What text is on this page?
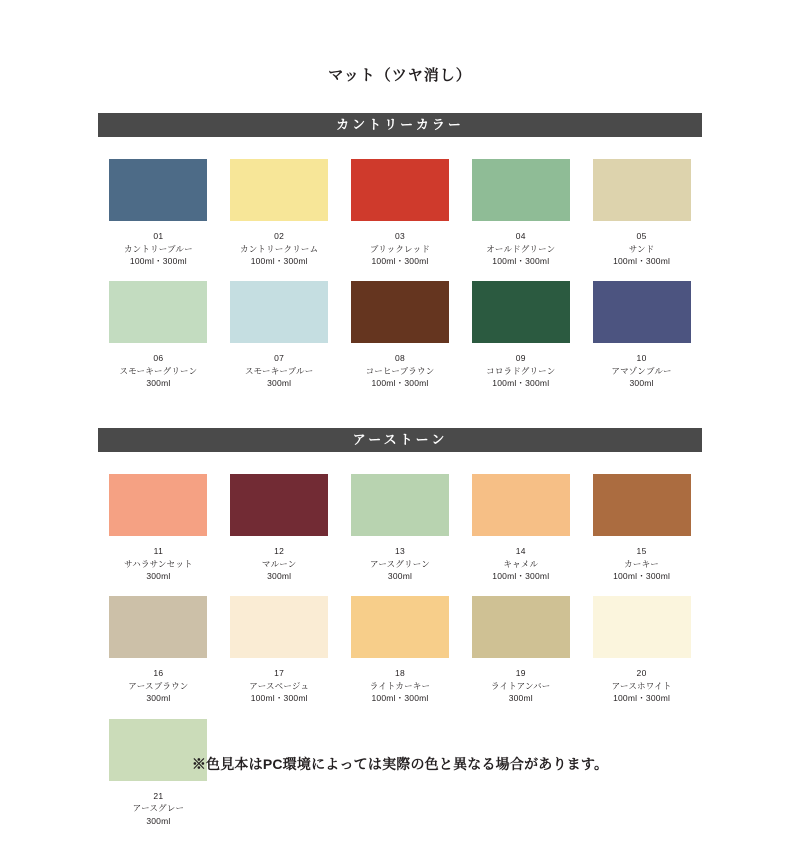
マット（ツヤ消し）
カントリーカラー
01
カントリーブルー
100ml・300ml
02
カントリークリーム
100ml・300ml
03
ブリックレッド
100ml・300ml
04
オールドグリーン
100ml・300ml
05
サンド
100ml・300ml
06
スモーキーグリーン
300ml
07
スモーキーブルー
300ml
08
コーヒーブラウン
100ml・300ml
09
コロラドグリーン
100ml・300ml
10
アマゾンブルー
300ml
アーストーン
11
サハラサンセット
300ml
12
マルーン
300ml
13
アースグリーン
300ml
14
キャメル
100ml・300ml
15
カーキー
100ml・300ml
16
アースブラウン
300ml
17
アースベージュ
100ml・300ml
18
ライトカーキー
100ml・300ml
19
ライトアンバー
300ml
20
アースホワイト
100ml・300ml
21
アースグレー
300ml
※色見本はPC環境によっては実際の色と異なる場合があります。
